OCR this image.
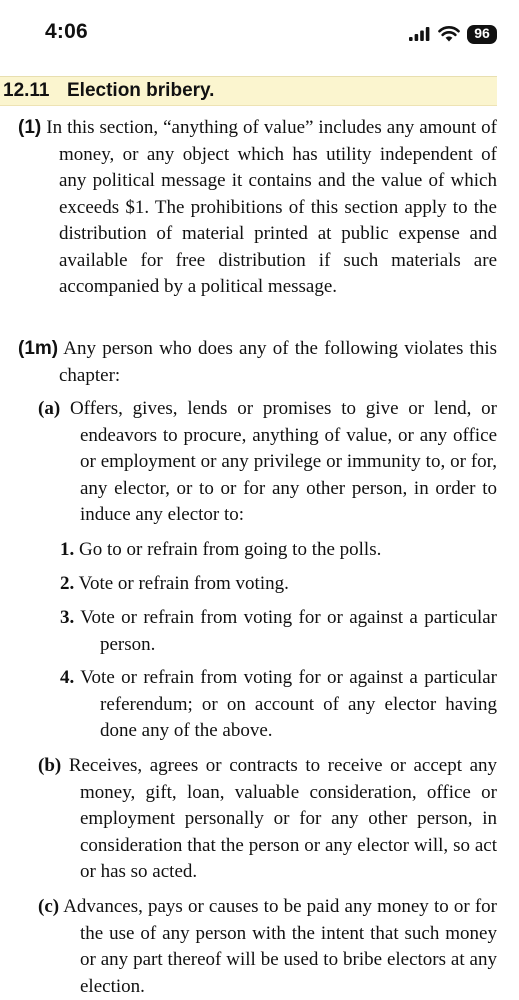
4:06	96
12.11 Election bribery.
(1) In this section, “anything of value” includes any amount of money, or any object which has utility independent of any political message it contains and the value of which exceeds $1. The prohibitions of this section apply to the distribution of material printed at public expense and available for free distribution if such materials are accompanied by a political message.
(1m) Any person who does any of the following violates this chapter:
(a) Offers, gives, lends or promises to give or lend, or endeavors to procure, anything of value, or any office or employment or any privilege or immunity to, or for, any elector, or to or for any other person, in order to induce any elector to:
1. Go to or refrain from going to the polls.
2. Vote or refrain from voting.
3. Vote or refrain from voting for or against a particular person.
4. Vote or refrain from voting for or against a particular referendum; or on account of any elector having done any of the above.
(b) Receives, agrees or contracts to receive or accept any money, gift, loan, valuable consideration, office or employment personally or for any other person, in consideration that the person or any elector will, so act or has so acted.
(c) Advances, pays or causes to be paid any money to or for the use of any person with the intent that such money or any part thereof will be used to bribe electors at any election.
